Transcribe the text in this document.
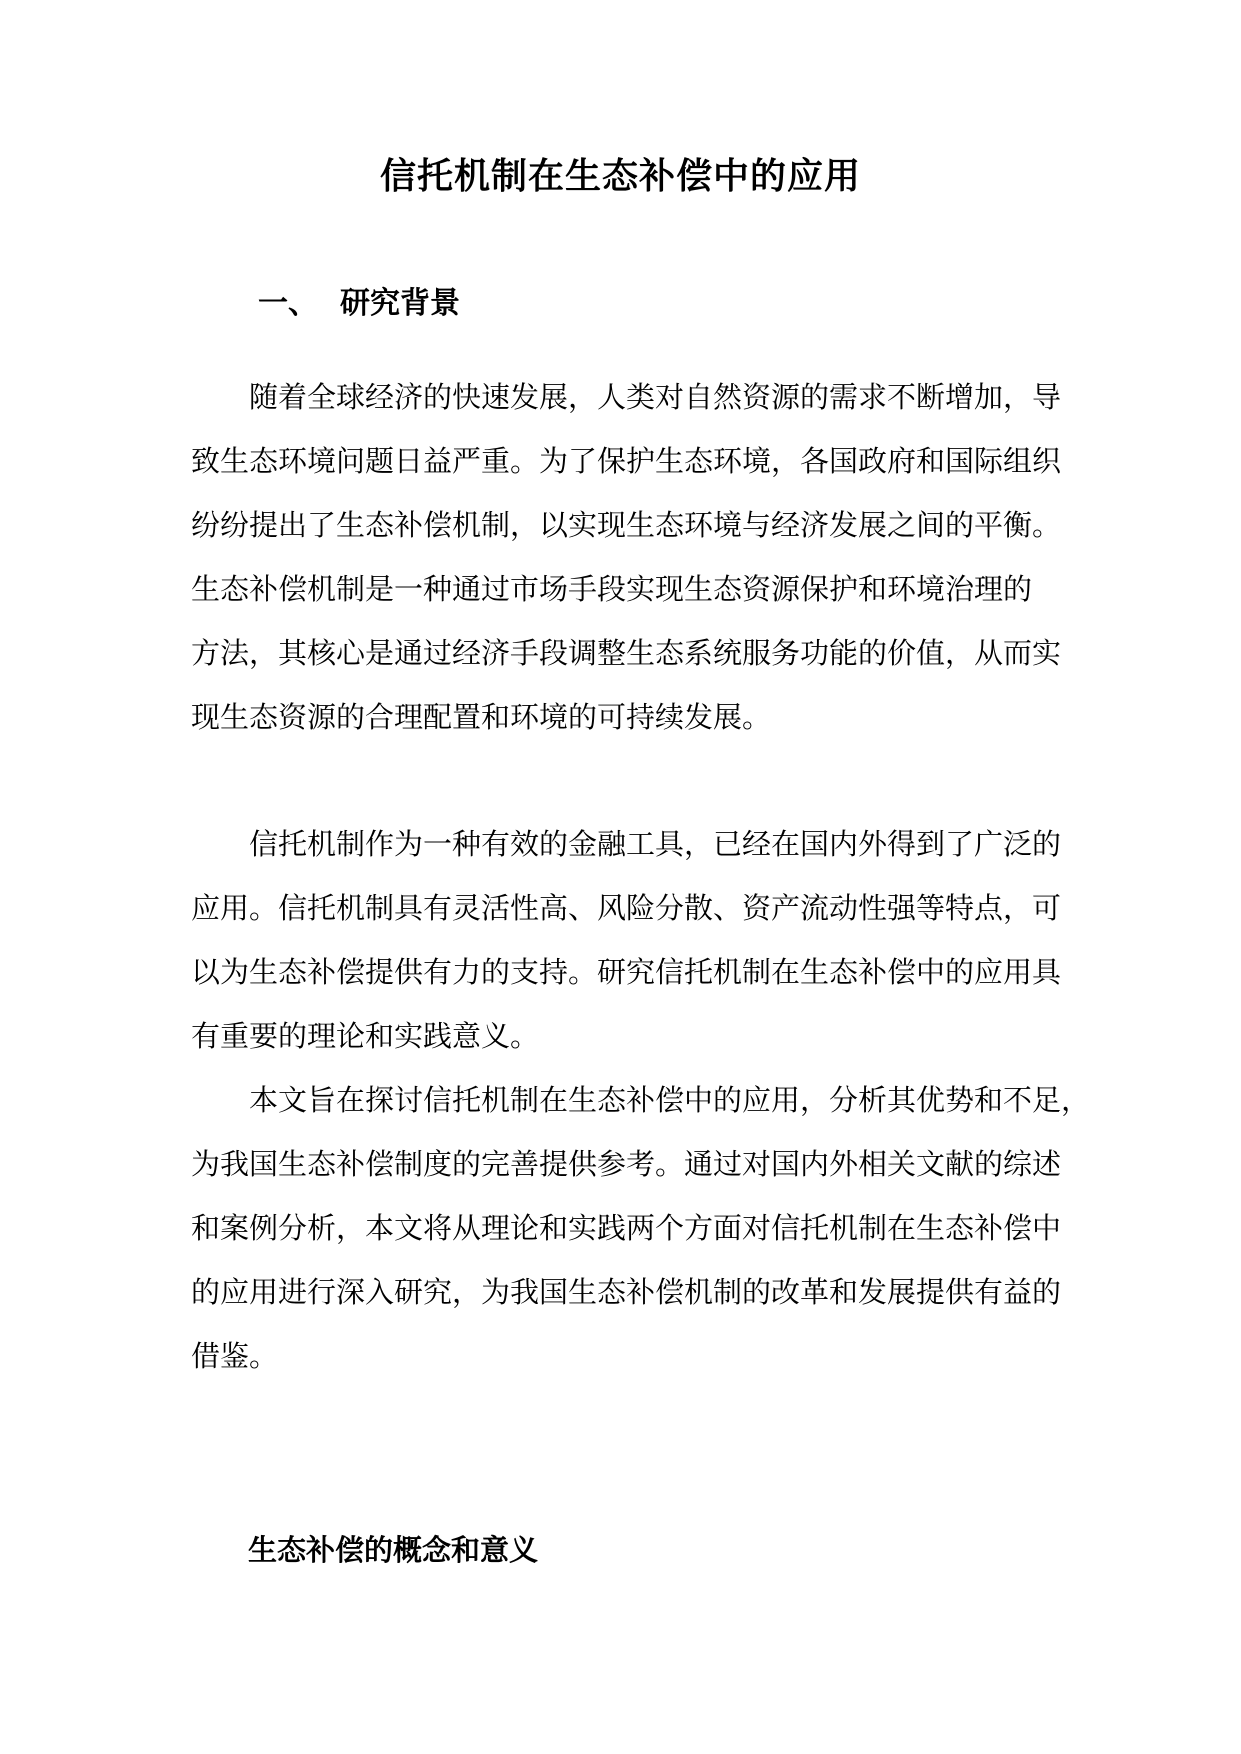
信托机制在生态补偿中的应用
一、 研究背景
随着全球经济的快速发展，人类对自然资源的需求不断增加，导
致生态环境问题日益严重。为了保护生态环境，各国政府和国际组织
纷纷提出了生态补偿机制，以实现生态环境与经济发展之间的平衡。
生态补偿机制是一种通过市场手段实现生态资源保护和环境治理的
方法，其核心是通过经济手段调整生态系统服务功能的价值，从而实
现生态资源的合理配置和环境的可持续发展。
信托机制作为一种有效的金融工具，已经在国内外得到了广泛的
应用。信托机制具有灵活性高、风险分散、资产流动性强等特点，可
以为生态补偿提供有力的支持。研究信托机制在生态补偿中的应用具
有重要的理论和实践意义。
本文旨在探讨信托机制在生态补偿中的应用，分析其优势和不足，
为我国生态补偿制度的完善提供参考。通过对国内外相关文献的综述
和案例分析，本文将从理论和实践两个方面对信托机制在生态补偿中
的应用进行深入研究，为我国生态补偿机制的改革和发展提供有益的
借鉴。
生态补偿的概念和意义
